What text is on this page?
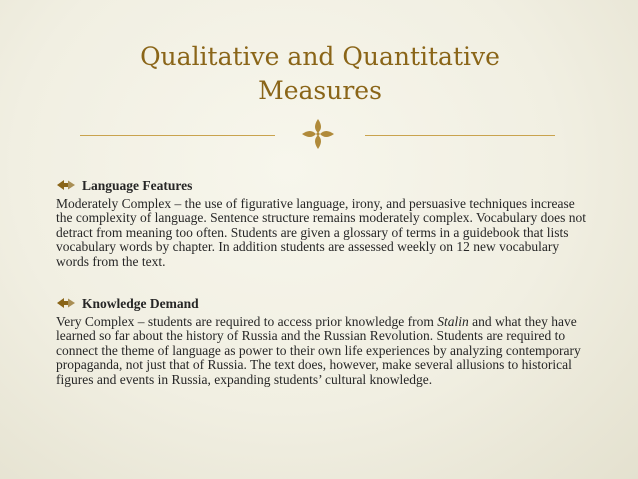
Qualitative and Quantitative
Measures
Language Features
Moderately Complex – the use of figurative language, irony, and persuasive techniques increase the complexity of language. Sentence structure remains moderately complex. Vocabulary does not detract from meaning too often. Students are given a glossary of terms in a guidebook that lists vocabulary words by chapter. In addition students are assessed weekly on 12 new vocabulary words from the text.
Knowledge Demand
Very Complex – students are required to access prior knowledge from Stalin and what they have learned so far about the history of Russia and the Russian Revolution. Students are required to connect the theme of language as power to their own life experiences by analyzing contemporary propaganda, not just that of Russia. The text does, however, make several allusions to historical figures and events in Russia, expanding students’ cultural knowledge.
